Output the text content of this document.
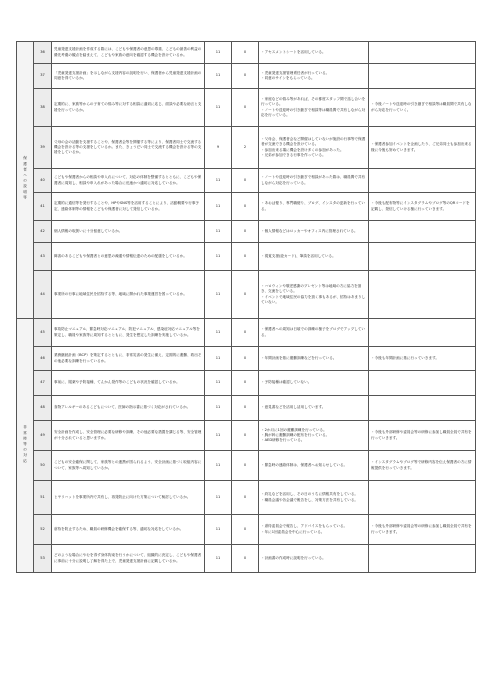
保護者への説明等	36	児童発達支援計画を作成する際には、こどもや保護者の意思の尊重、こどもの最善の利益の優先考慮の観点を踏まえて、こどもや家族の意向を確認する機会を設けているか。	11	0	・アセスメントシートを活用している。	
	37	「児童発達支援計画」を示しながら支援内容の説明を行い、保護者から児童発達支援計画の同意を得ているか。	11	0	・児童発達支援管理責任者が行っている。
・同意のサインをもらっている。	
	38	定期的に、家族等からの子育ての悩み等に対する相談に適切に応じ、面談や必要な助言と支援を行っているか。	11	0	・家庭などの悩み等があれば、その都度スタッフ間で話し合いを行っている。
・ノートや送迎時の引き継ぎで相談等は職員間で共有しながら対応を行っている。	・今後ノートや送迎時の引き継ぎで相談等は職員間で共有しながら対応を行っていく。
	39	父母の会の活動を支援することや、保護者会等を開催する等により、保護者同士で交流する機会を設ける等の支援をしているか。また、きょうだい同士で交流する機会を設ける等の支援をしているか。	9	2	・父母会、保護者会など開催はしていないが施設の行事等で保護者が交流できる機会を設けている。
・参加出来る場に機会を設け多くの参加があった。
・兄弟が参加できる行事を作っている。	・保護者参加イベントを企画したり、ご兄弟同士も参加出来る様に今後も努めていきます。
	40	こどもや保護者からの相談や申入れについて、対応の体制を整備するとともに、こどもや保護者に周知し、相談や申入れがあった場合に迅速かつ適切に対応しているか。	11	0	・ノートや送迎時の引き継ぎで相談があった際は、職員間で共有しながら対応を行っている。	
	41	定期的に通信等を発行することや、HPやSNS等を活用することにより、活動概要や行事予定、連絡体制等の情報をこどもや保護者に対して発信しているか。	11	0	・あおば便り、専門職便り、ブログ、インスタの更新を行っている。	・今後も配布物等にインスタグラムやブログ等のQRコードを記載し、発信していける様に行っていきます。
	42	個人情報の取扱いに十分留意しているか。	11	0	・個人情報などはロッカーやオフィス内に管理されている。	
	43	障害のあるこどもや保護者との意思の疎通や情報伝達のための配慮をしているか。	11	0	・視覚支援(絵カード)、筆談を活用している。	
	44	事業所の行事に地域住民を招待する等、地域に開かれた事業運営を図っているか。	11	0	・ハロウィンや敬老感謝のプレゼント等は地域の方に協力を頂き、交流をしている。
・イベントで地域住民の協力を頂く事もあるが、招待はあまりしていない。	
非常時等の対応	45	事故防止マニュアル、緊急時対応マニュアル、防犯マニュアル、感染症対応マニュアル等を策定し、職員や家族等に周知するとともに、発生を想定した訓練を実施しているか。	11	0	・保護者への周知は日頃での訓練の様子をブログでアップしている。	
	46	業務継続計画（BCP）を策定するとともに、非常災害の発生に備え、定期的に避難、救出その他必要な訓練を行っているか。	11	0	・年間計画を基に避難訓練などを行っている。	・今後も年間計画に基に行っていきます。
	47	事前に、服薬や予防接種、てんかん発作等のこどもの状況を確認しているか。	11	0	・予防接種は確認していない。	
	48	食物アレルギーのあるこどもについて、医師の指示書に基づく対応がされているか。	11	0	・意見書などを活用し活用しています。	
	49	安全計画を作成し、安全管理に必要な研修や訓練、その他必要な措置を講じる等、安全管理が十分されていると思いますか。	11	0	・2か月に1回の避難訓練を行っている。
・胸が幹に避難訓練の配布を行っている。
・AED研修を行っている。	・今後も外部研修や委員会等の研修に参加し職員全員で共有を行っていきます。
	50	こどもの安全確保に関して、家族等との連携が図られるよう、安全計画に基づく取組内容について、家族等へ周知しているか。	11	0	・緊急時の連絡体制は、保護者へお知らせしている。	・インスタグラムやブログ等で研修内容を伝え保護者の方に情報提供を行っていきます。
	51	ヒヤリハットを事業所内で共有し、再発防止に向けた方策について検討しているか。	11	0	・終礼などを活用し、その日のうちに情報共有をしている。
・職員会議や各会議で報告をし、対策方法を共有している。	
	52	虐待を防止するため、職員の研修機会を確保する等、適切な対応をしているか。	11	0	・虐待委員会で報告し、アドバイスをもらっている。
・年に1回委員会を中心に行っている。	・今後も外部研修や委員会等の研修に参加し職員全員で共有を行っていきます。
	53	どのような場合にやむを得ず身体拘束を行うかについて、組織的に決定し、こどもや保護者に事前に十分に説明し了解を得た上で、児童発達支援計画に記載しているか。	11	0	・計画書の作成時に説明を行っている。	
